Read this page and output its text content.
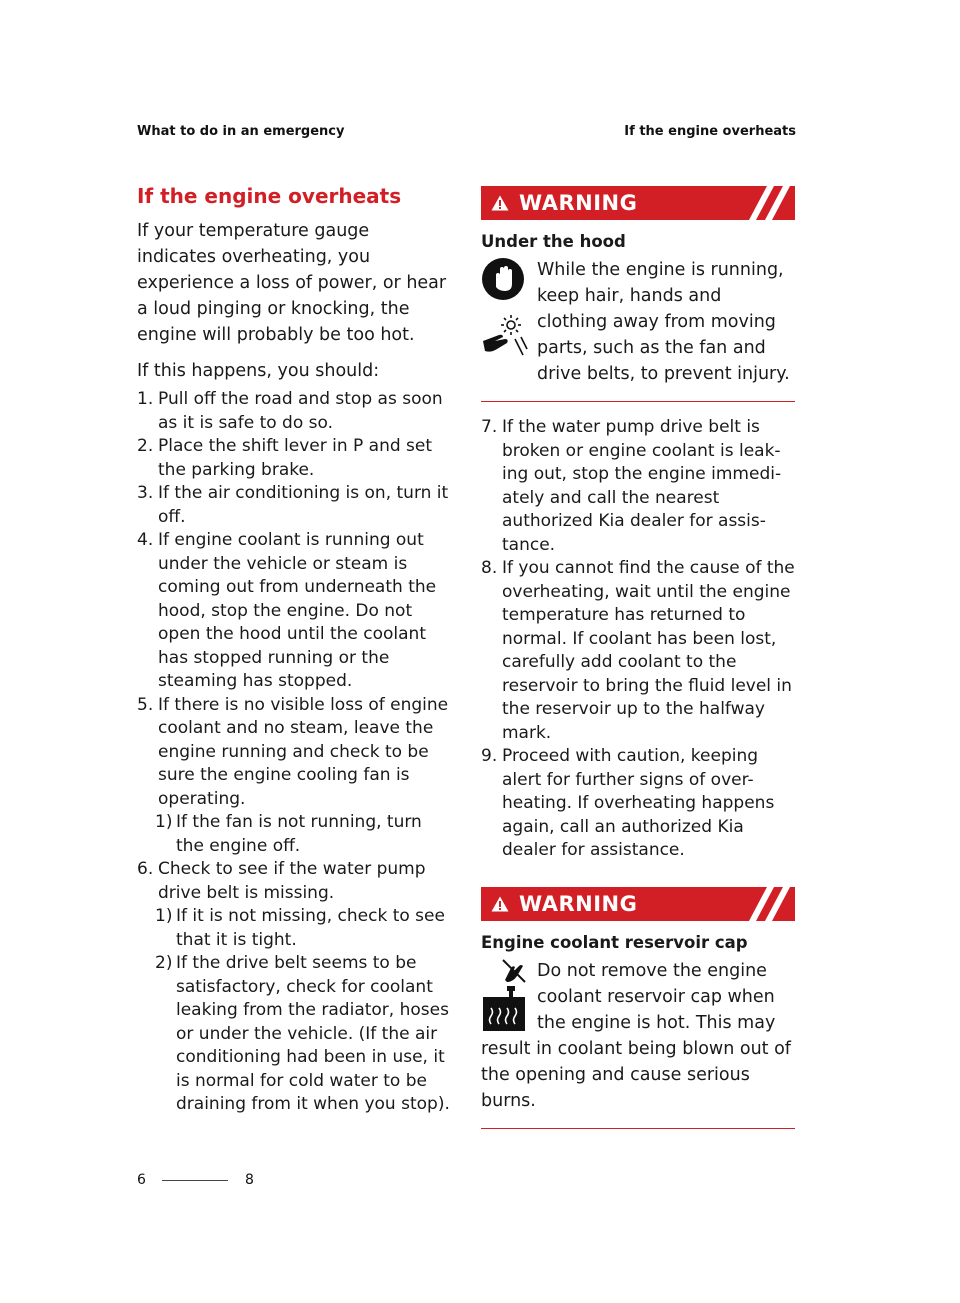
What to do in an emergency	If the engine overheats
If the engine overheats

If your temperature gauge indicates overheating, you experience a loss of power, or hear a loud pinging or knocking, the engine will probably be too hot.

If this happens, you should:

1. Pull off the road and stop as soon as it is safe to do so.
2. Place the shift lever in P and set the parking brake.
3. If the air conditioning is on, turn it off.
4. If engine coolant is running out under the vehicle or steam is coming out from underneath the hood, stop the engine. Do not open the hood until the coolant has stopped running or the steaming has stopped.
5. If there is no visible loss of engine coolant and no steam, leave the engine running and check to be sure the engine cooling fan is operating.
1) If the fan is not running, turn the engine off.
6. Check to see if the water pump drive belt is missing.
1) If it is not missing, check to see that it is tight.
2) If the drive belt seems to be satisfactory, check for coolant leaking from the radiator, hoses or under the vehicle. (If the air conditioning had been in use, it is normal for cold water to be draining from it when you stop).
WARNING
Under the hood

While the engine is running, keep hair, hands and clothing away from moving parts, such as the fan and drive belts, to prevent injury.
7. If the water pump drive belt is broken or engine coolant is leak-ing out, stop the engine immedi-ately and call the nearest authorized Kia dealer for assis-tance.
8. If you cannot find the cause of the overheating, wait until the engine temperature has returned to normal. If coolant has been lost, carefully add coolant to the reservoir to bring the fluid level in the reservoir up to the halfway mark.
9. Proceed with caution, keeping alert for further signs of over-heating. If overheating happens again, call an authorized Kia dealer for assistance.
WARNING
Engine coolant reservoir cap
Do not remove the engine coolant reservoir cap when the engine is hot. This may result in coolant being blown out of the opening and cause serious burns.
6	8
